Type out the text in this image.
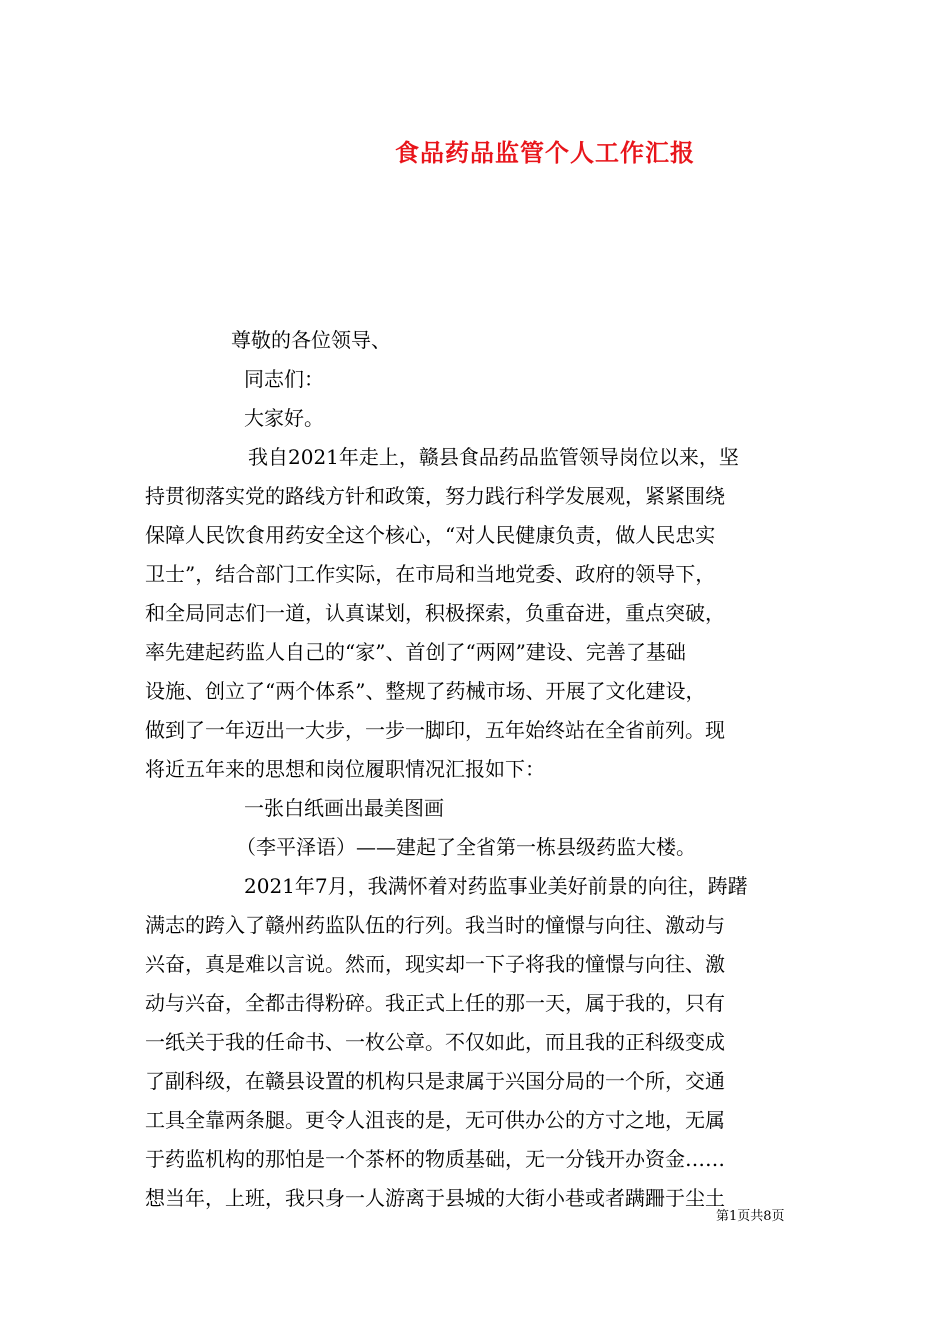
食品药品监管个人工作汇报
尊敬的各位领导、
同志们：
大家好。
我自2021年走上，赣县食品药品监管领导岗位以来，坚
持贯彻落实党的路线方针和政策，努力践行科学发展观，紧紧围绕
保障人民饮食用药安全这个核心，“对人民健康负责，做人民忠实
卫士”，结合部门工作实际，在市局和当地党委、政府的领导下，
和全局同志们一道，认真谋划，积极探索，负重奋进，重点突破，
率先建起药监人自己的“家”、首创了“两网”建设、完善了基础
设施、创立了“两个体系”、整规了药械市场、开展了文化建设，
做到了一年迈出一大步，一步一脚印，五年始终站在全省前列。现
将近五年来的思想和岗位履职情况汇报如下：
一张白纸画出最美图画
（李平泽语）——建起了全省第一栋县级药监大楼。
2021年7月，我满怀着对药监事业美好前景的向往，踌躇
满志的跨入了赣州药监队伍的行列。我当时的憧憬与向往、激动与
兴奋，真是难以言说。然而，现实却一下子将我的憧憬与向往、激
动与兴奋，全都击得粉碎。我正式上任的那一天，属于我的，只有
一纸关于我的任命书、一枚公章。不仅如此，而且我的正科级变成
了副科级，在赣县设置的机构只是隶属于兴国分局的一个所，交通
工具全靠两条腿。更令人沮丧的是，无可供办公的方寸之地，无属
于药监机构的那怕是一个茶杯的物质基础，无一分钱开办资金……
想当年，上班，我只身一人游离于县城的大街小巷或者蹒跚于尘土
第1页共8页
